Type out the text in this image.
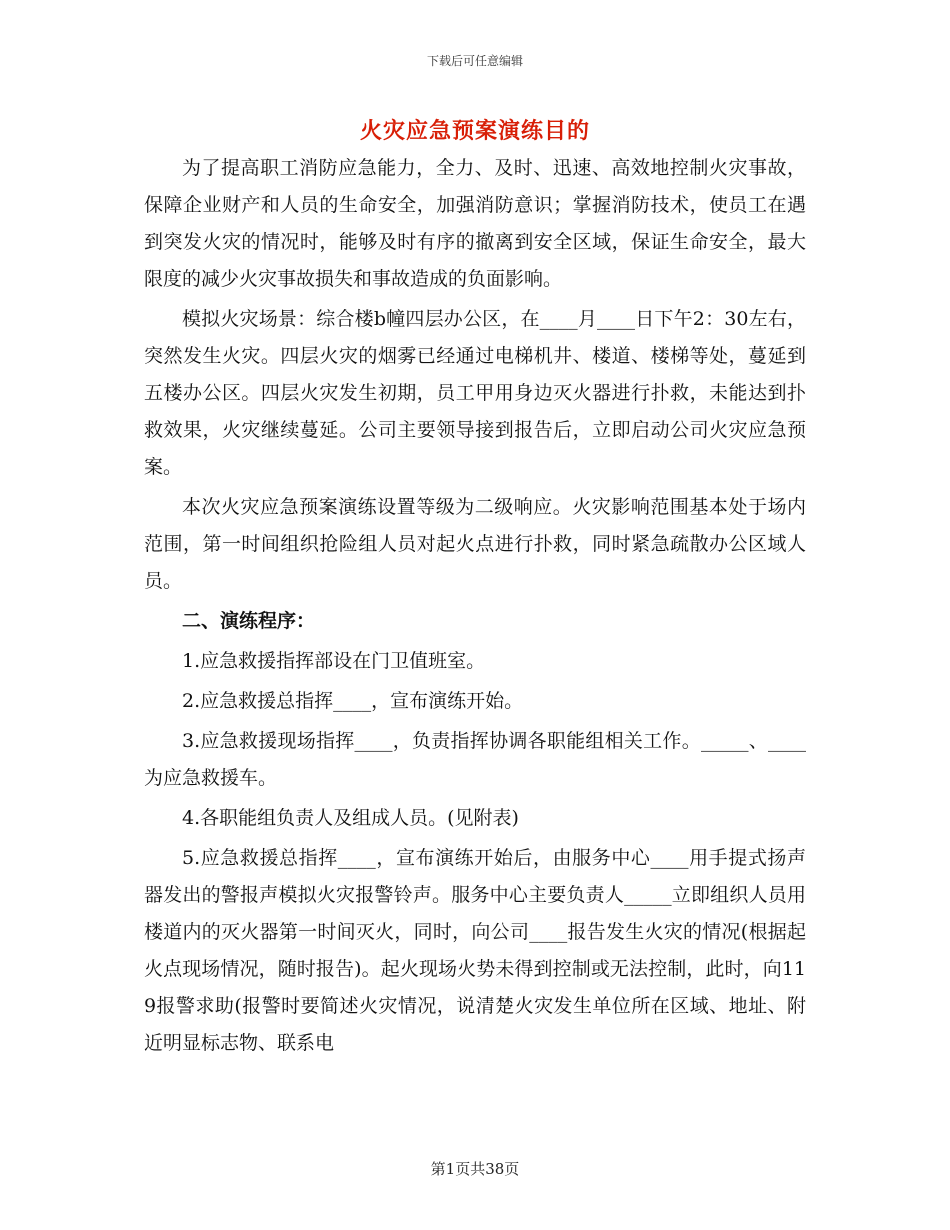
下载后可任意编辑
火灾应急预案演练目的

为了提高职工消防应急能力，全力、及时、迅速、高效地控制火灾事故，保障企业财产和人员的生命安全，加强消防意识；掌握消防技术，使员工在遇到突发火灾的情况时，能够及时有序的撤离到安全区域，保证生命安全，最大限度的减少火灾事故损失和事故造成的负面影响。

模拟火灾场景：综合楼b幢四层办公区，在____月____日下午2：30左右，突然发生火灾。四层火灾的烟雾已经通过电梯机井、楼道、楼梯等处，蔓延到五楼办公区。四层火灾发生初期，员工甲用身边灭火器进行扑救，未能达到扑救效果，火灾继续蔓延。公司主要领导接到报告后，立即启动公司火灾应急预案。

本次火灾应急预案演练设置等级为二级响应。火灾影响范围基本处于场内范围，第一时间组织抢险组人员对起火点进行扑救，同时紧急疏散办公区域人员。

二、演练程序：

1.应急救援指挥部设在门卫值班室。

2.应急救援总指挥____，宣布演练开始。

3.应急救援现场指挥____，负责指挥协调各职能组相关工作。_____、____为应急救援车。

4.各职能组负责人及组成人员。(见附表)

5.应急救援总指挥____，宣布演练开始后，由服务中心____用手提式扬声器发出的警报声模拟火灾报警铃声。服务中心主要负责人_____立即组织人员用楼道内的灭火器第一时间灭火，同时，向公司____报告发生火灾的情况(根据起火点现场情况，随时报告)。起火现场火势未得到控制或无法控制，此时，向119报警求助(报警时要简述火灾情况，说清楚火灾发生单位所在区域、地址、附近明显标志物、联系电

第1页共38页
